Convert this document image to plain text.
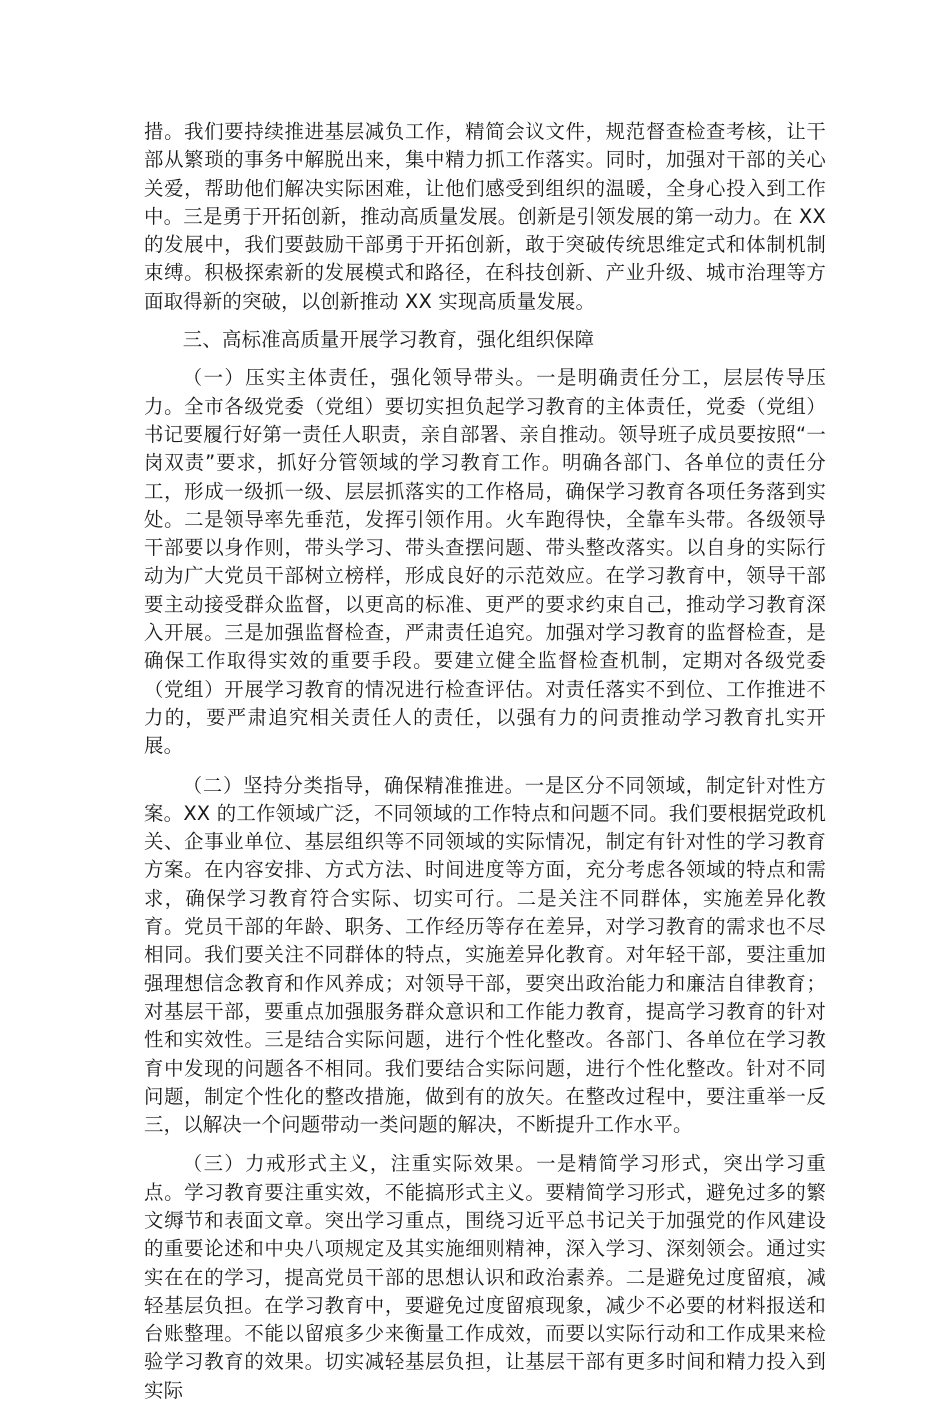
措。我们要持续推进基层减负工作，精简会议文件，规范督查检查考核，让干部从繁琐的事务中解脱出来，集中精力抓工作落实。同时，加强对干部的关心关爱，帮助他们解决实际困难，让他们感受到组织的温暖，全身心投入到工作中。三是勇于开拓创新，推动高质量发展。创新是引领发展的第一动力。在 XX 的发展中，我们要鼓励干部勇于开拓创新，敢于突破传统思维定式和体制机制束缚。积极探索新的发展模式和路径，在科技创新、产业升级、城市治理等方面取得新的突破，以创新推动 XX 实现高质量发展。

三、高标准高质量开展学习教育，强化组织保障

（一）压实主体责任，强化领导带头。一是明确责任分工，层层传导压力。全市各级党委（党组）要切实担负起学习教育的主体责任，党委（党组）书记要履行好第一责任人职责，亲自部署、亲自推动。领导班子成员要按照“一岗双责”要求，抓好分管领域的学习教育工作。明确各部门、各单位的责任分工，形成一级抓一级、层层抓落实的工作格局，确保学习教育各项任务落到实处。二是领导率先垂范，发挥引领作用。火车跑得快，全靠车头带。各级领导干部要以身作则，带头学习、带头查摆问题、带头整改落实。以自身的实际行动为广大党员干部树立榜样，形成良好的示范效应。在学习教育中，领导干部要主动接受群众监督，以更高的标准、更严的要求约束自己，推动学习教育深入开展。三是加强监督检查，严肃责任追究。加强对学习教育的监督检查，是确保工作取得实效的重要手段。要建立健全监督检查机制，定期对各级党委（党组）开展学习教育的情况进行检查评估。对责任落实不到位、工作推进不力的，要严肃追究相关责任人的责任，以强有力的问责推动学习教育扎实开展。

（二）坚持分类指导，确保精准推进。一是区分不同领域，制定针对性方案。XX 的工作领域广泛，不同领域的工作特点和问题不同。我们要根据党政机关、企事业单位、基层组织等不同领域的实际情况，制定有针对性的学习教育方案。在内容安排、方式方法、时间进度等方面，充分考虑各领域的特点和需求，确保学习教育符合实际、切实可行。二是关注不同群体，实施差异化教育。党员干部的年龄、职务、工作经历等存在差异，对学习教育的需求也不尽相同。我们要关注不同群体的特点，实施差异化教育。对年轻干部，要注重加强理想信念教育和作风养成；对领导干部，要突出政治能力和廉洁自律教育；对基层干部，要重点加强服务群众意识和工作能力教育，提高学习教育的针对性和实效性。三是结合实际问题，进行个性化整改。各部门、各单位在学习教育中发现的问题各不相同。我们要结合实际问题，进行个性化整改。针对不同问题，制定个性化的整改措施，做到有的放矢。在整改过程中，要注重举一反三，以解决一个问题带动一类问题的解决，不断提升工作水平。

（三）力戒形式主义，注重实际效果。一是精简学习形式，突出学习重点。学习教育要注重实效，不能搞形式主义。要精简学习形式，避免过多的繁文缛节和表面文章。突出学习重点，围绕习近平总书记关于加强党的作风建设的重要论述和中央八项规定及其实施细则精神，深入学习、深刻领会。通过实实在在的学习，提高党员干部的思想认识和政治素养。二是避免过度留痕，减轻基层负担。在学习教育中，要避免过度留痕现象，减少不必要的材料报送和台账整理。不能以留痕多少来衡量工作成效，而要以实际行动和工作成果来检验学习教育的效果。切实减轻基层负担，让基层干部有更多时间和精力投入到实际
